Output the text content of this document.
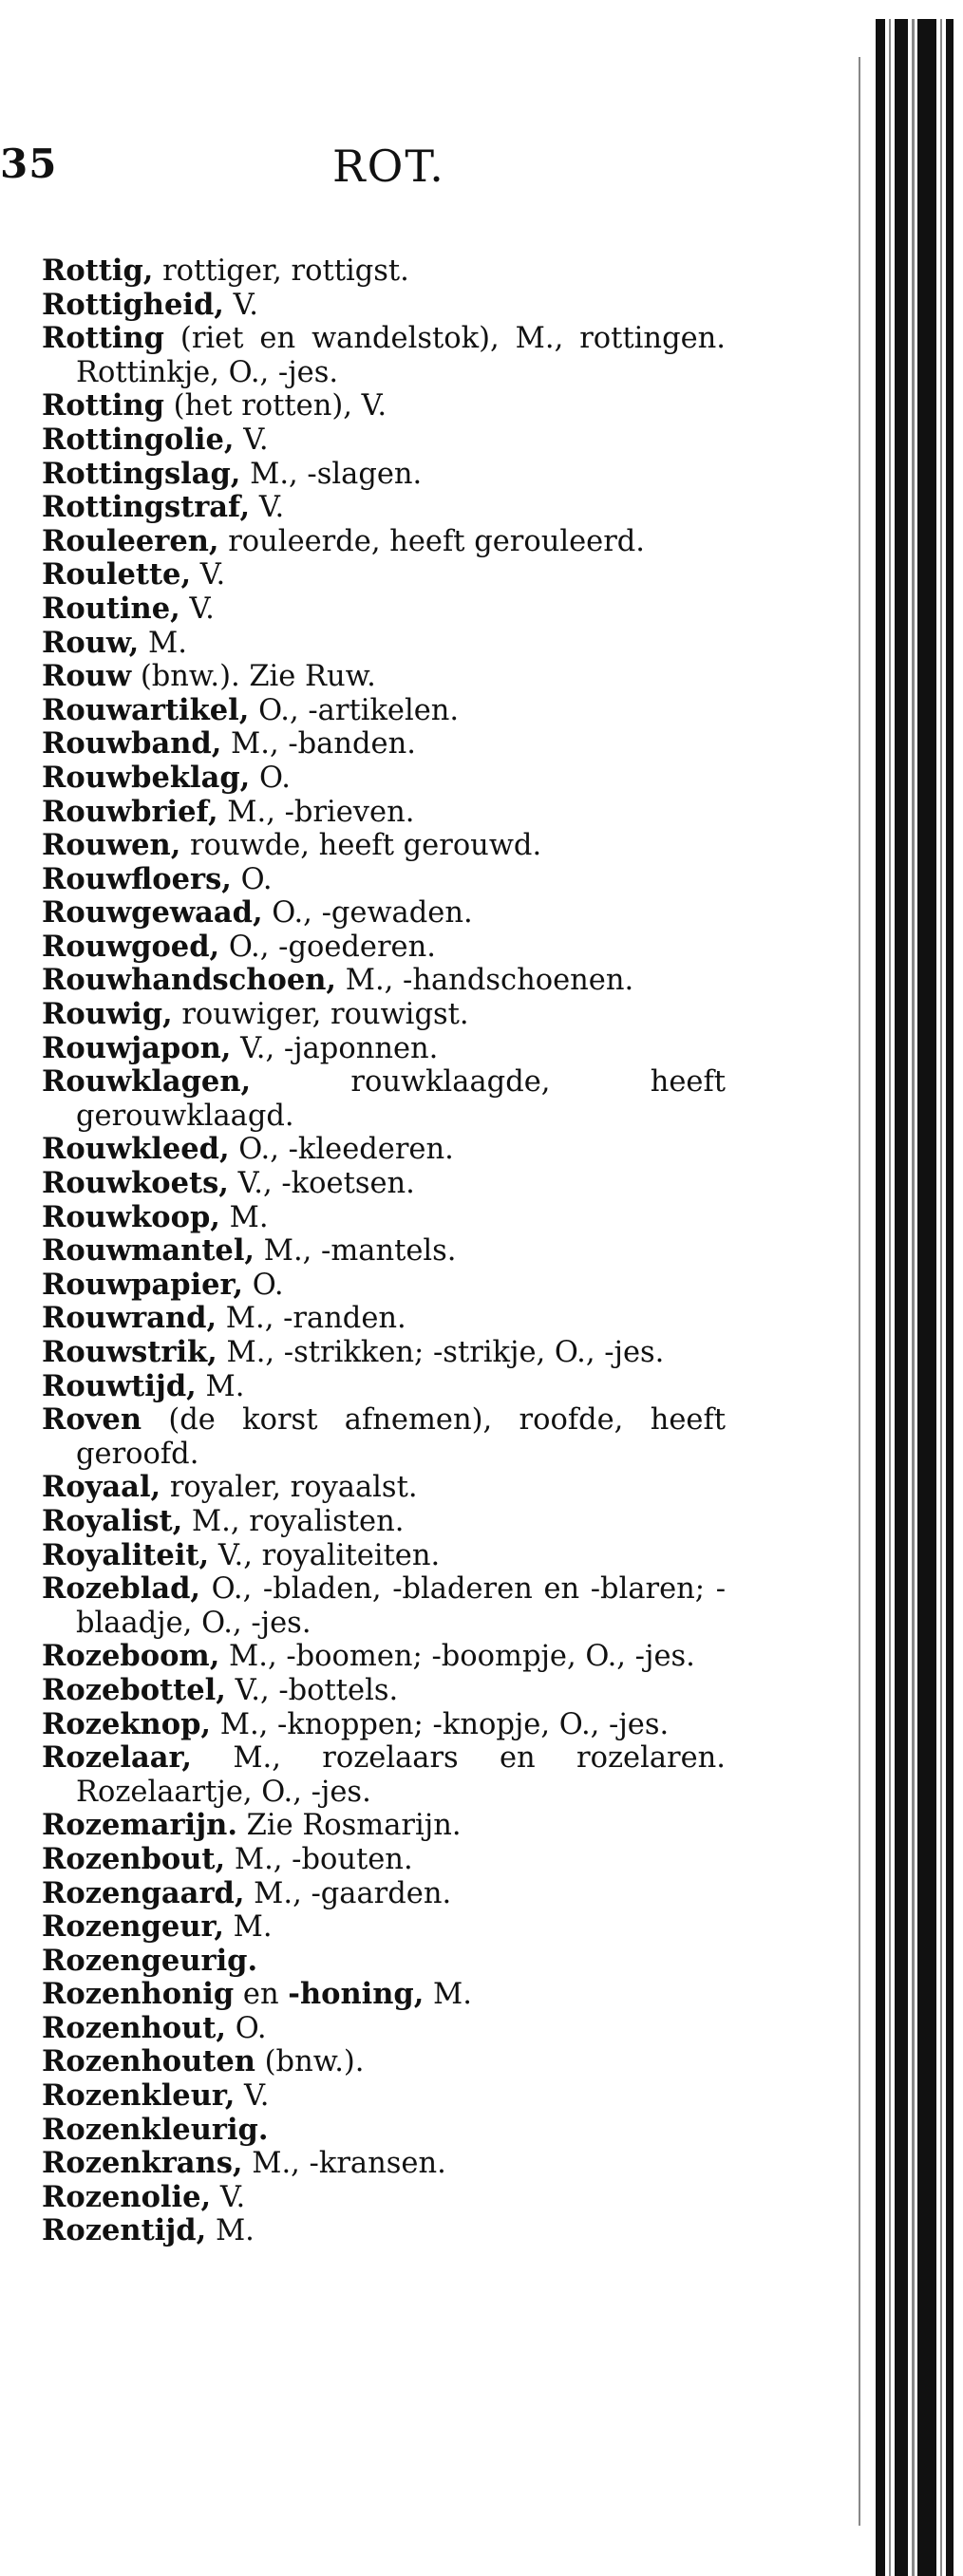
35	ROT.
Rottig, rottiger, rottigst.
Rottigheid, V.
Rotting (riet en wandelstok), M., rottingen. Rottinkje, O., -jes.
Rotting (het rotten), V.
Rottingolie, V.
Rottingslag, M., -slagen.
Rottingstraf, V.
Rouleeren, rouleerde, heeft gerouleerd.
Roulette, V.
Routine, V.
Rouw, M.
Rouw (bnw.). Zie Ruw.
Rouwartikel, O., -artikelen.
Rouwband, M., -banden.
Rouwbeklag, O.
Rouwbrief, M., -brieven.
Rouwen, rouwde, heeft gerouwd.
Rouwfloers, O.
Rouwgewaad, O., -gewaden.
Rouwgoed, O., -goederen.
Rouwhandschoen, M., -handschoenen.
Rouwig, rouwiger, rouwigst.
Rouwjapon, V., -japonnen.
Rouwklagen, rouwklaagde, heeft gerouwklaagd.
Rouwkleed, O., -kleederen.
Rouwkoets, V., -koetsen.
Rouwkoop, M.
Rouwmantel, M., -mantels.
Rouwpapier, O.
Rouwrand, M., -randen.
Rouwstrik, M., -strikken; -strikje, O., -jes.
Rouwtijd, M.
Roven (de korst afnemen), roofde, heeft geroofd.
Royaal, royaler, royaalst.
Royalist, M., royalisten.
Royaliteit, V., royaliteiten.
Rozeblad, O., -bladen, -bladeren en -blaren; -blaadje, O., -jes.
Rozeboom, M., -boomen; -boompje, O., -jes.
Rozebottel, V., -bottels.
Rozeknop, M., -knoppen; -knopje, O., -jes.
Rozelaar, M., rozelaars en rozelaren. Rozelaartje, O., -jes.
Rozemarijn. Zie Rosmarijn.
Rozenbout, M., -bouten.
Rozengaard, M., -gaarden.
Rozengeur, M.
Rozengeurig.
Rozenhonig en -honing, M.
Rozenhout, O.
Rozenhouten (bnw.).
Rozenkleur, V.
Rozenkleurig.
Rozenkrans, M., -kransen.
Rozenolie, V.
Rozentijd, M.
